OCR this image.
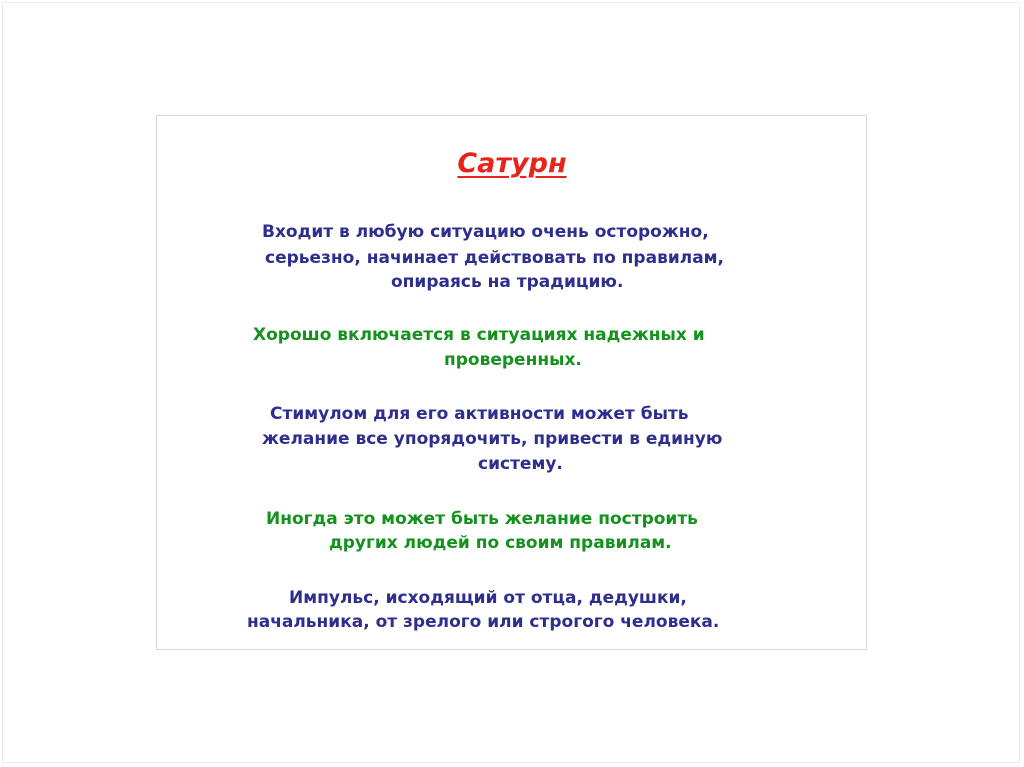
Сатурн
Входит в любую ситуацию очень осторожно,
серьезно, начинает действовать по правилам,
опираясь на традицию.
Хорошо включается в ситуациях надежных и
проверенных.
Стимулом для его активности может быть
желание все упорядочить, привести в единую
систему.
Иногда это может быть желание построить
других людей по своим правилам.
Импульс, исходящий от отца, дедушки,
начальника, от зрелого или строгого человека.
